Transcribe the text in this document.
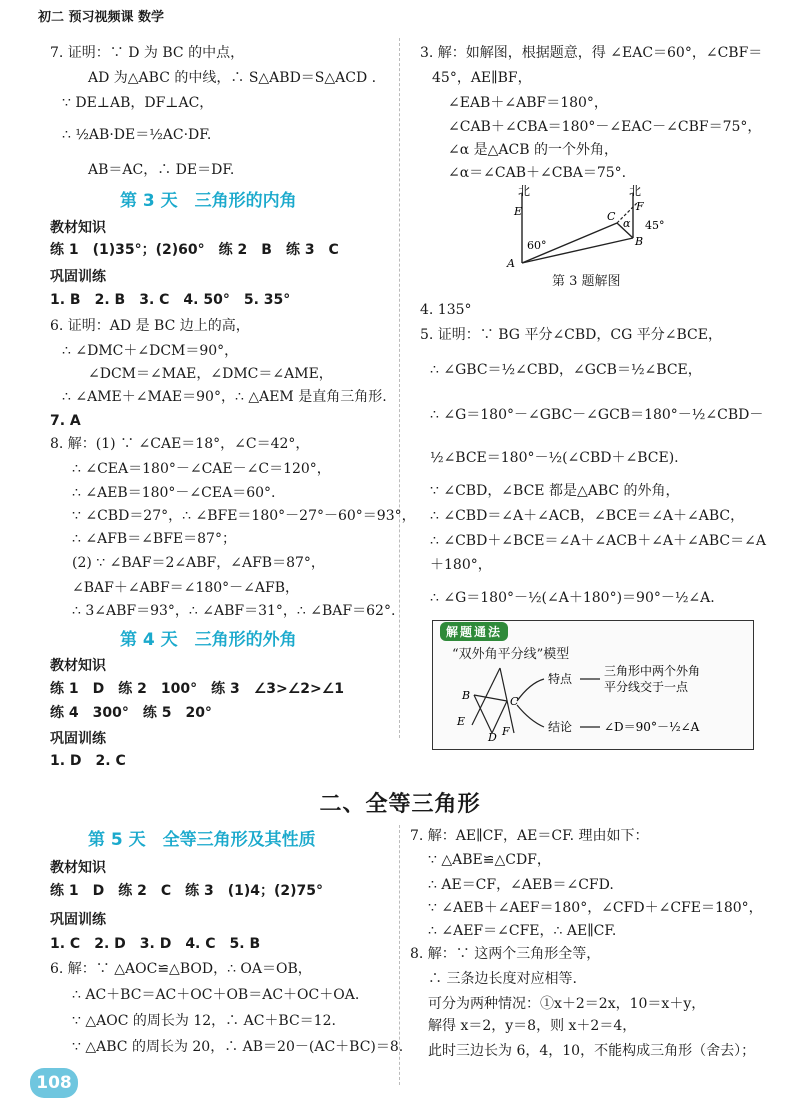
初二 预习视频课 数学
7. 证明：∵ D 为 BC 的中点，
AD 为△ABC 的中线，∴ S△ABD＝S△ACD .
∵ DE⊥AB，DF⊥AC，
∴ ½AB·DE＝½AC·DF.
AB＝AC，∴ DE＝DF.
第 3 天　三角形的内角
教材知识
练 1　(1)35°；(2)60°　练 2　B　练 3　C
巩固训练
1. B　2. B　3. C　4. 50°　5. 35°
6. 证明：AD 是 BC 边上的高，
∴ ∠DMC＋∠DCM＝90°，
∠DCM＝∠MAE，∠DMC＝∠AME，
∴ ∠AME＋∠MAE＝90°，∴ △AEM 是直角三角形.
7. A
8. 解：(1) ∵ ∠CAE＝18°，∠C＝42°，
∴ ∠CEA＝180°－∠CAE－∠C＝120°，
∴ ∠AEB＝180°－∠CEA＝60°.
∵ ∠CBD＝27°，∴ ∠BFE＝180°－27°－60°＝93°，
∴ ∠AFB＝∠BFE＝87°；
(2) ∵ ∠BAF＝2∠ABF，∠AFB＝87°，
∠BAF＋∠ABF＝∠180°－∠AFB，
∴ 3∠ABF＝93°，∴ ∠ABF＝31°，∴ ∠BAF＝62°.
第 4 天　三角形的外角
教材知识
练 1　D　练 2　100°　练 3　∠3>∠2>∠1
练 4　300°　练 5　20°
巩固训练
1. D　2. C
3. 解：如解图，根据题意，得 ∠EAC＝60°，∠CBF＝
45°，AE∥BF，
∠EAB＋∠ABF＝180°，
∠CAB＋∠CBA＝180°－∠EAC－∠CBF＝75°，
∠α 是△ACB 的一个外角，
∠α＝∠CAB＋∠CBA＝75°.
北	北
E	F
A
B
C
60°
45°
α
第 3 题解图
4. 135°
5. 证明：∵ BG 平分∠CBD，CG 平分∠BCE，
∴ ∠GBC＝½∠CBD，∠GCB＝½∠BCE，
∴ ∠G＝180°－∠GBC－∠GCB＝180°－½∠CBD－
½∠BCE＝180°－½(∠CBD＋∠BCE).
∵ ∠CBD，∠BCE 都是△ABC 的外角，
∴ ∠CBD＝∠A＋∠ACB，∠BCE＝∠A＋∠ABC，
∴ ∠CBD＋∠BCE＝∠A＋∠ACB＋∠A＋∠ABC＝∠A
＋180°，
∴ ∠G＝180°－½(∠A＋180°)＝90°－½∠A.
解题通法
“双外角平分线”模型
B	C
E
D F
特点
结论
三角形中两个外角
平分线交于一点
∠D＝90°－½∠A
二、全等三角形
第 5 天　全等三角形及其性质
教材知识
练 1　D　练 2　C　练 3　(1)4；(2)75°
巩固训练
1. C　2. D　3. D　4. C　5. B
6. 解：∵ △AOC≌△BOD，∴ OA＝OB，
∴ AC＋BC＝AC＋OC＋OB＝AC＋OC＋OA.
∵ △AOC 的周长为 12，∴ AC＋BC＝12.
∵ △ABC 的周长为 20，∴ AB＝20－(AC＋BC)＝8.
7. 解：AE∥CF，AE＝CF. 理由如下：
∵ △ABE≌△CDF，
∴ AE＝CF，∠AEB＝∠CFD.
∵ ∠AEB＋∠AEF＝180°，∠CFD＋∠CFE＝180°，
∴ ∠AEF＝∠CFE，∴ AE∥CF.
8. 解：∵ 这两个三角形全等，
∴ 三条边长度对应相等.
可分为两种情况：①x＋2＝2x，10＝x＋y，
解得 x＝2，y＝8，则 x＋2＝4，
此时三边长为 6，4，10，不能构成三角形（舍去）；
108
